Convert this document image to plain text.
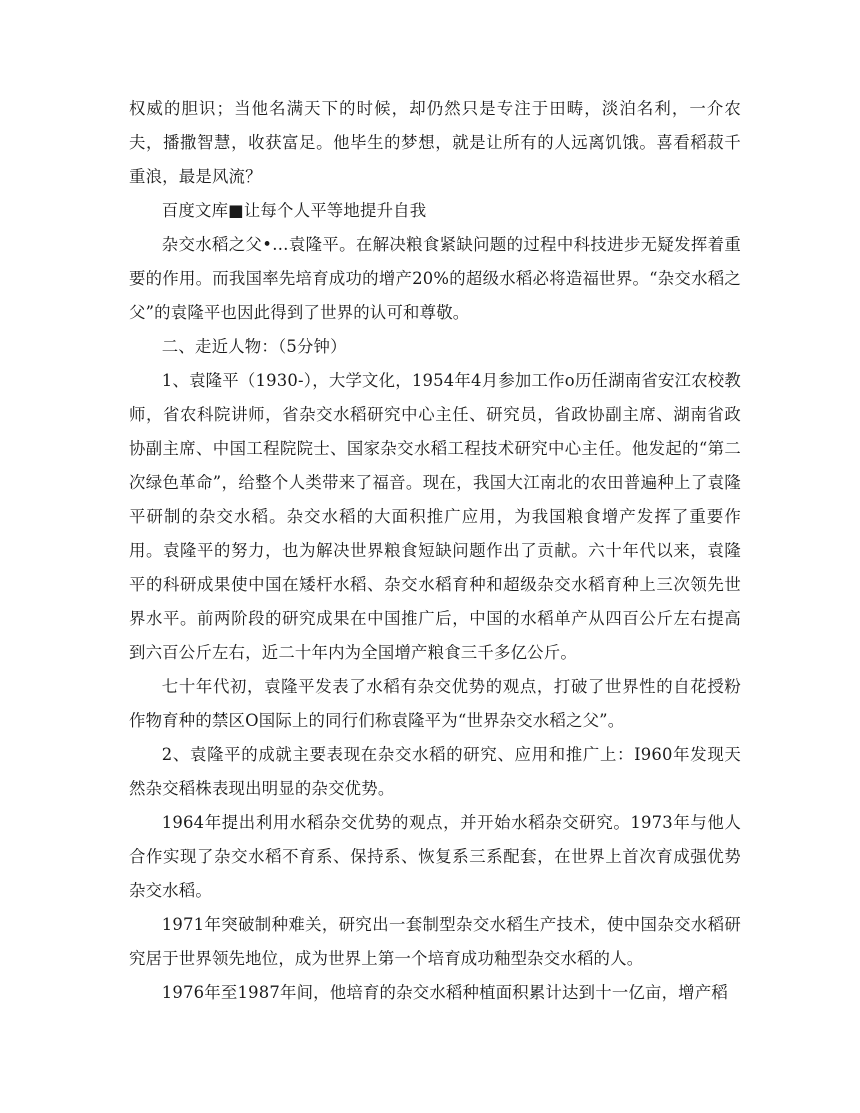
权威的胆识；当他名满天下的时候，却仍然只是专注于田畴，淡泊名利，一介农夫，播撒智慧，收获富足。他毕生的梦想，就是让所有的人远离饥饿。喜看稻菽千重浪，最是风流？

百度文库■让每个人平等地提升自我

杂交水稻之父•…袁隆平。在解决粮食紧缺问题的过程中科技进步无疑发挥着重要的作用。而我国率先培育成功的增产20%的超级水稻必将造福世界。“杂交水稻之父”的袁隆平也因此得到了世界的认可和尊敬。

二、走近人物：（5分钟）

1、袁隆平（1930-），大学文化，1954年4月参加工作o历任湖南省安江农校教师，省农科院讲师，省杂交水稻研究中心主任、研究员，省政协副主席、湖南省政协副主席、中国工程院院士、国家杂交水稻工程技术研究中心主任。他发起的“第二次绿色革命”，给整个人类带来了福音。现在，我国大江南北的农田普遍种上了袁隆平研制的杂交水稻。杂交水稻的大面积推广应用，为我国粮食增产发挥了重要作用。袁隆平的努力，也为解决世界粮食短缺问题作出了贡献。六十年代以来，袁隆平的科研成果使中国在矮杆水稻、杂交水稻育种和超级杂交水稻育种上三次领先世界水平。前两阶段的研究成果在中国推广后，中国的水稻单产从四百公斤左右提高到六百公斤左右，近二十年内为全国增产粮食三千多亿公斤。

七十年代初，袁隆平发表了水稻有杂交优势的观点，打破了世界性的自花授粉作物育种的禁区O国际上的同行们称袁隆平为“世界杂交水稻之父”。

2、袁隆平的成就主要表现在杂交水稻的研究、应用和推广上：I960年发现天然杂交稻株表现出明显的杂交优势。

1964年提出利用水稻杂交优势的观点，并开始水稻杂交研究。1973年与他人合作实现了杂交水稻不育系、保持系、恢复系三系配套，在世界上首次育成强优势杂交水稻。

1971年突破制种难关，研究出一套制型杂交水稻生产技术，使中国杂交水稻研究居于世界领先地位，成为世界上第一个培育成功釉型杂交水稻的人。

1976年至1987年间，他培育的杂交水稻种植面积累计达到十一亿亩，增产稻
